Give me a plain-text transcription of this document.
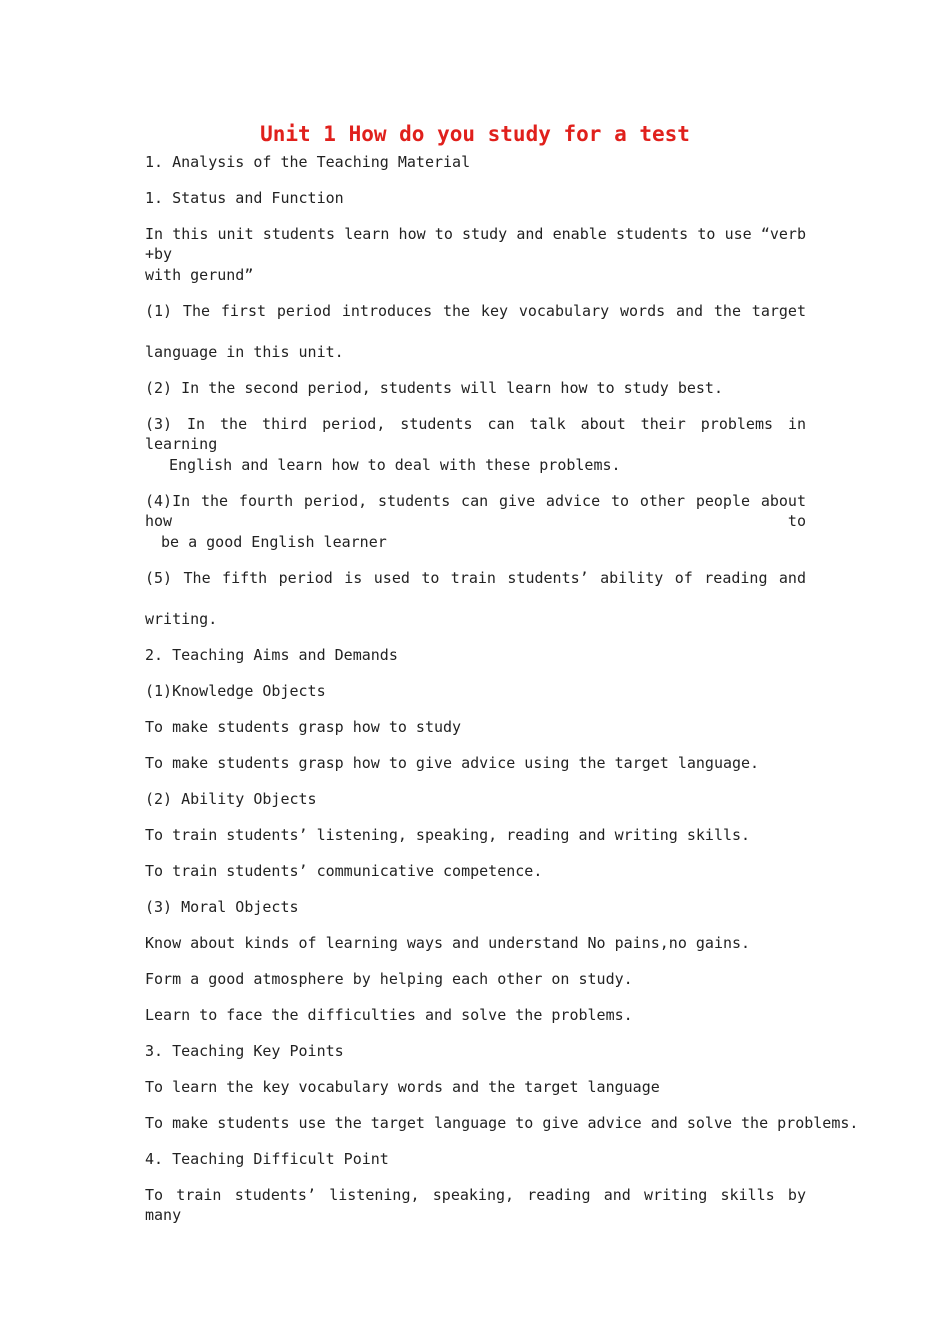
Unit 1 How do you study for a test
1. Analysis of the Teaching Material
1. Status and Function
In this unit students learn how to study and enable students to use “verb +by
with gerund”
(1) The first period introduces the key vocabulary words and the target
language in this unit.
(2) In the second period, students will learn how to study best.
(3) In the third period, students can talk about their problems in learning
English and learn how to deal with these problems.
(4)In the fourth period, students can give advice to other people about how to
be a good English learner
(5) The fifth period is used to train students’ ability of reading and
writing.
2. Teaching Aims and Demands
(1)Knowledge Objects
To make students grasp how to study
To make students grasp how to give advice using the target language.
(2) Ability Objects
To train students’ listening, speaking, reading and writing skills.
To train students’ communicative competence.
(3) Moral Objects
Know about kinds of learning ways and understand No pains,no gains.
Form a good atmosphere by helping each other on study.
Learn to face the difficulties and solve the problems.
3. Teaching Key Points
To learn the key vocabulary words and the target language
To make students use the target language to give advice and solve the problems.
4. Teaching Difficult Point
To train students’ listening, speaking, reading and writing skills by many
